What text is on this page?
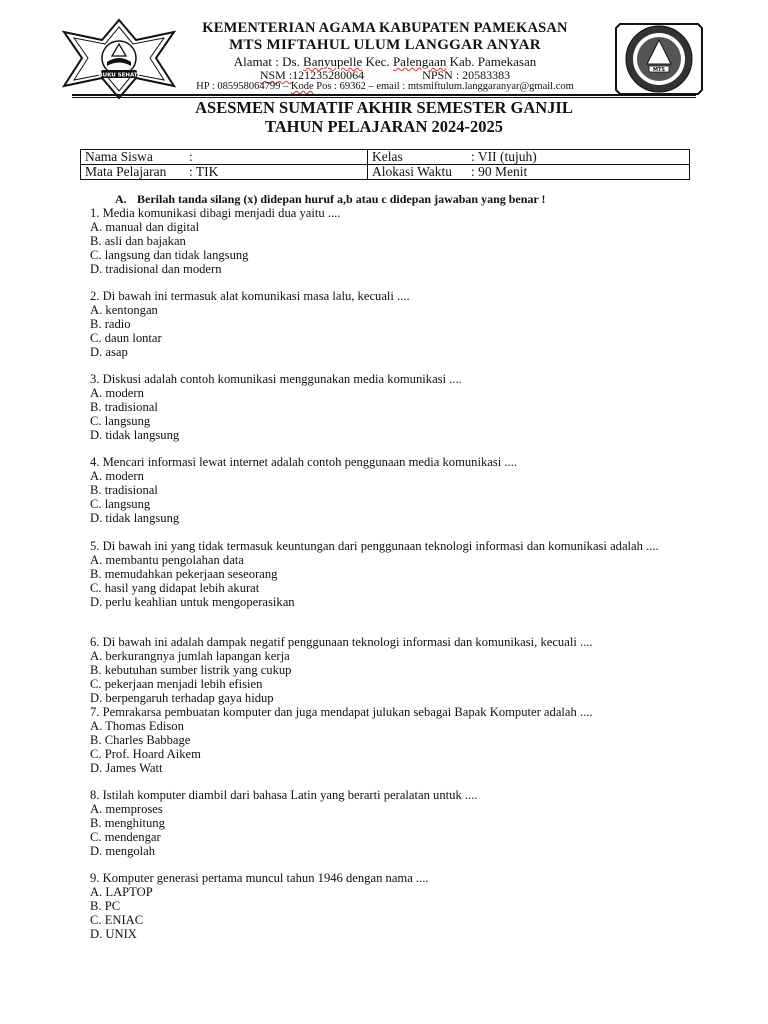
BUKU SEHATI
MTS
KEMENTERIAN AGAMA KABUPATEN PAMEKASAN
MTS MIFTAHUL ULUM LANGGAR ANYAR
Alamat : Ds. Banyupelle Kec. Palengaan Kab. Pamekasan
NSM :121235280064	NPSN : 20583383
HP : 085958064799 – Kode Pos : 69362 – email : mtsmiftulum.langgaranyar@gmail.com
ASESMEN SUMATIF AKHIR SEMESTER GANJIL
TAHUN PELAJARAN 2024-2025
Nama Siswa	:	Kelas	: VII (tujuh)
Mata Pelajaran	: TIK	Alokasi Waktu	: 90 Menit
A. Berilah tanda silang (x) didepan huruf a,b atau c didepan jawaban yang benar !

1. Media komunikasi dibagi menjadi dua yaitu ....

A. manual dan digital

B. asli dan bajakan

C. langsung dan tidak langsung

D. tradisional dan modern

2. Di bawah ini termasuk alat komunikasi masa lalu, kecuali ....

A. kentongan

B. radio

C. daun lontar

D. asap

3. Diskusi adalah contoh komunikasi menggunakan media komunikasi ....

A. modern

B. tradisional

C. langsung

D. tidak langsung

4. Mencari informasi lewat internet adalah contoh penggunaan media komunikasi ....

A. modern

B. tradisional

C. langsung

D. tidak langsung

5. Di bawah ini yang tidak termasuk keuntungan dari penggunaan teknologi informasi dan komunikasi adalah ....

A. membantu pengolahan data

B. memudahkan pekerjaan seseorang

C. hasil yang didapat lebih akurat

D. perlu keahlian untuk mengoperasikan

6. Di bawah ini adalah dampak negatif penggunaan teknologi informasi dan komunikasi, kecuali ....

A. berkurangnya jumlah lapangan kerja

B. kebutuhan sumber listrik yang cukup

C. pekerjaan menjadi lebih efisien

D. berpengaruh terhadap gaya hidup

7. Pemrakarsa pembuatan komputer dan juga mendapat julukan sebagai Bapak Komputer adalah ....

A. Thomas Edison

B. Charles Babbage

C. Prof. Hoard Aikem

D. James Watt

8. Istilah komputer diambil dari bahasa Latin yang berarti peralatan untuk ....

A. memproses

B. menghitung

C. mendengar

D. mengolah

9. Komputer generasi pertama muncul tahun 1946 dengan nama ....

A. LAPTOP

B. PC

C. ENIAC

D. UNIX
